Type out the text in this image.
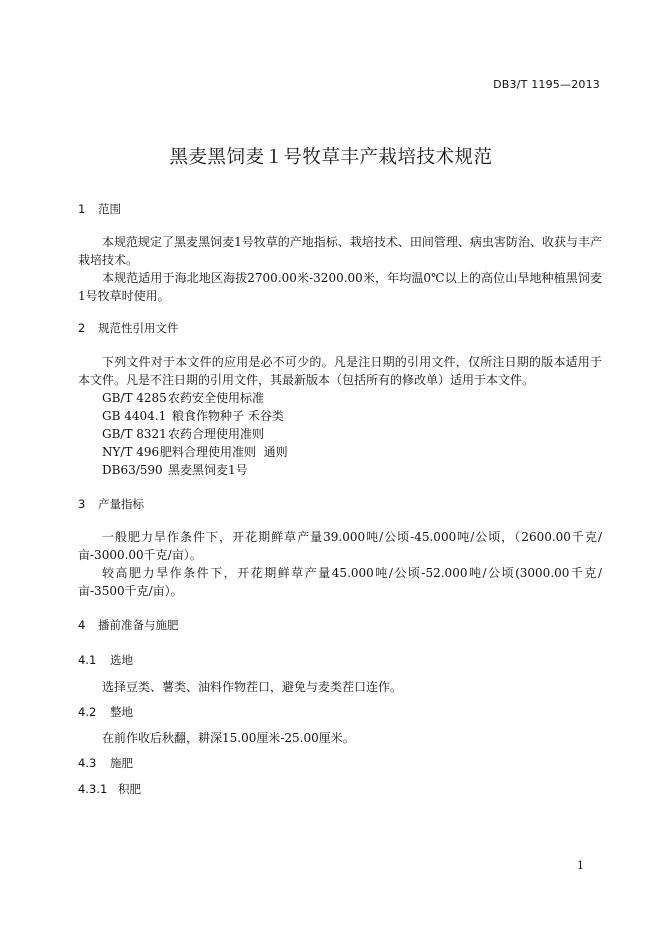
DB3/T 1195—2013
黑麦黑饲麦１号牧草丰产栽培技术规范
1 范围
本规范规定了黑麦黑饲麦1号牧草的产地指标、栽培技术、田间管理、病虫害防治、收获与丰产栽培技术。
本规范适用于海北地区海拔2700.00米-3200.00米，年均温0℃以上的高位山旱地种植黑饲麦1号牧草时使用。
2 规范性引用文件
下列文件对于本文件的应用是必不可少的。凡是注日期的引用文件，仅所注日期的版本适用于本文件。凡是不注日期的引用文件，其最新版本（包括所有的修改单）适用于本文件。
GB/T 4285农药安全使用标准
GB 4404.1 粮食作物种子 禾谷类
GB/T 8321农药合理使用准则
NY/T 496肥料合理使用准则  通则
DB63/590 黑麦黑饲麦1号
3 产量指标
一般肥力旱作条件下，开花期鲜草产量39.000吨/公顷-45.000吨/公顷，（2600.00千克/亩-3000.00千克/亩）。
较高肥力旱作条件下，开花期鲜草产量45.000吨/公顷-52.000吨/公顷(3000.00千克/亩-3500千克/亩）。
4 播前准备与施肥
4.1 选地
选择豆类、薯类、油料作物茬口，避免与麦类茬口连作。
4.2 整地
在前作收后秋翻，耕深15.00厘米-25.00厘米。
4.3 施肥
4.3.1 积肥
1
